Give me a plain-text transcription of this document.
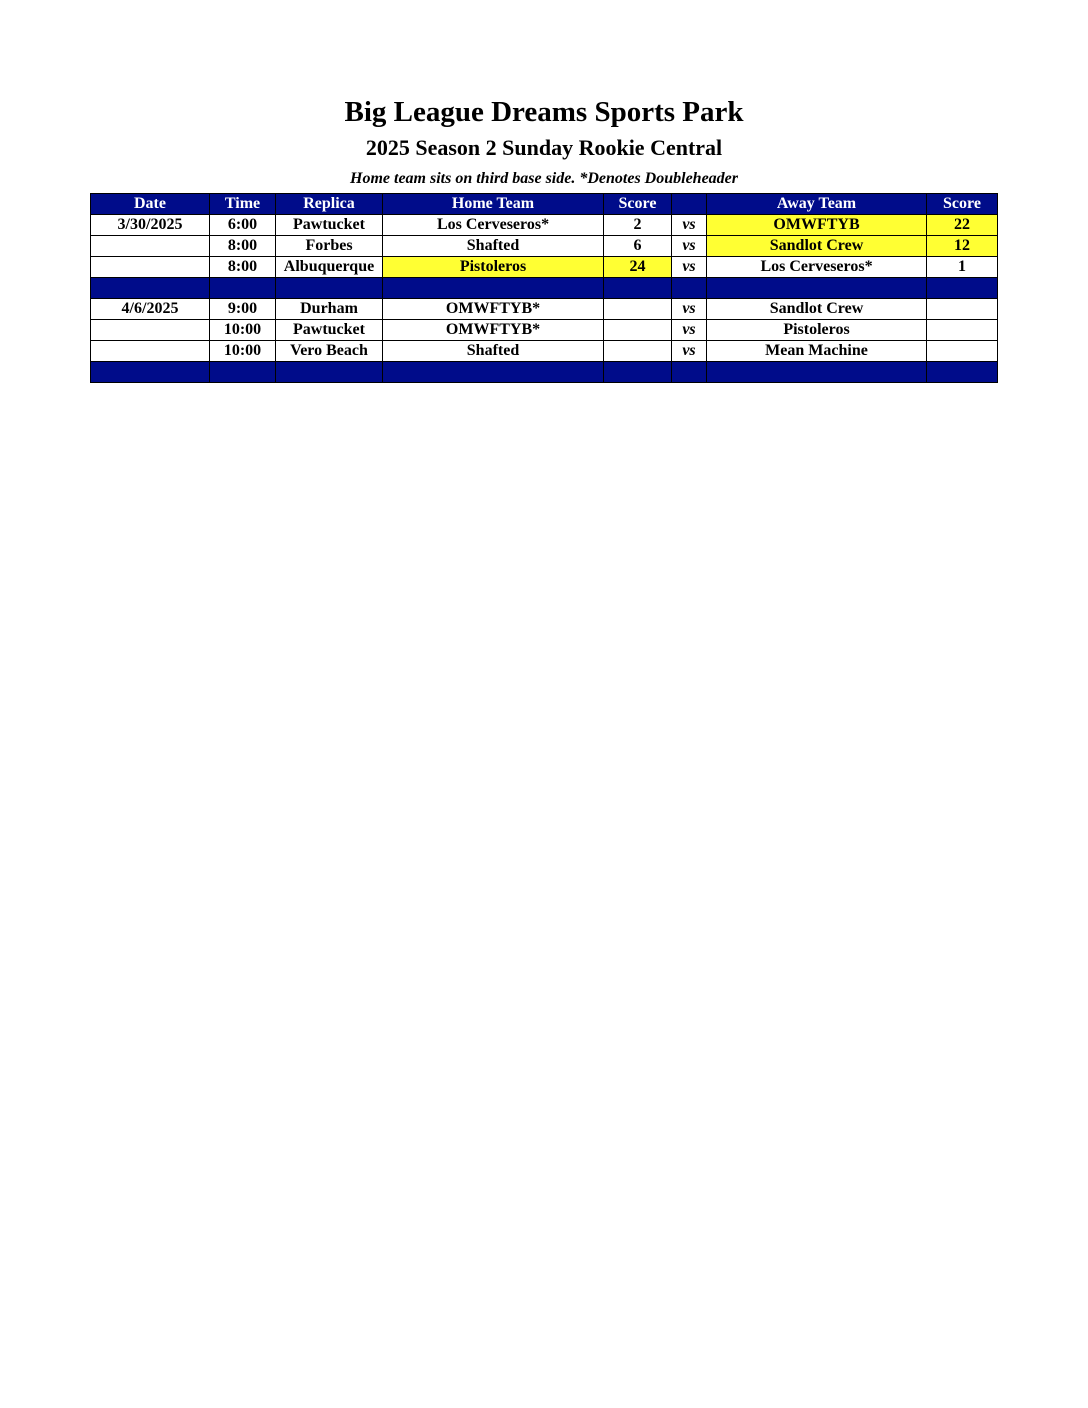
Big League Dreams Sports Park
2025 Season 2 Sunday Rookie Central
Home team sits on third base side. *Denotes Doubleheader
Date	Time	Replica	Home Team	Score		Away Team	Score
3/30/2025	6:00	Pawtucket	Los Cerveseros*	2	vs	OMWFTYB	22
	8:00	Forbes	Shafted	6	vs	Sandlot Crew	12
	8:00	Albuquerque	Pistoleros	24	vs	Los Cerveseros*	1

4/6/2025	9:00	Durham	OMWFTYB*		vs	Sandlot Crew	
	10:00	Pawtucket	OMWFTYB*		vs	Pistoleros	
	10:00	Vero Beach	Shafted		vs	Mean Machine	
